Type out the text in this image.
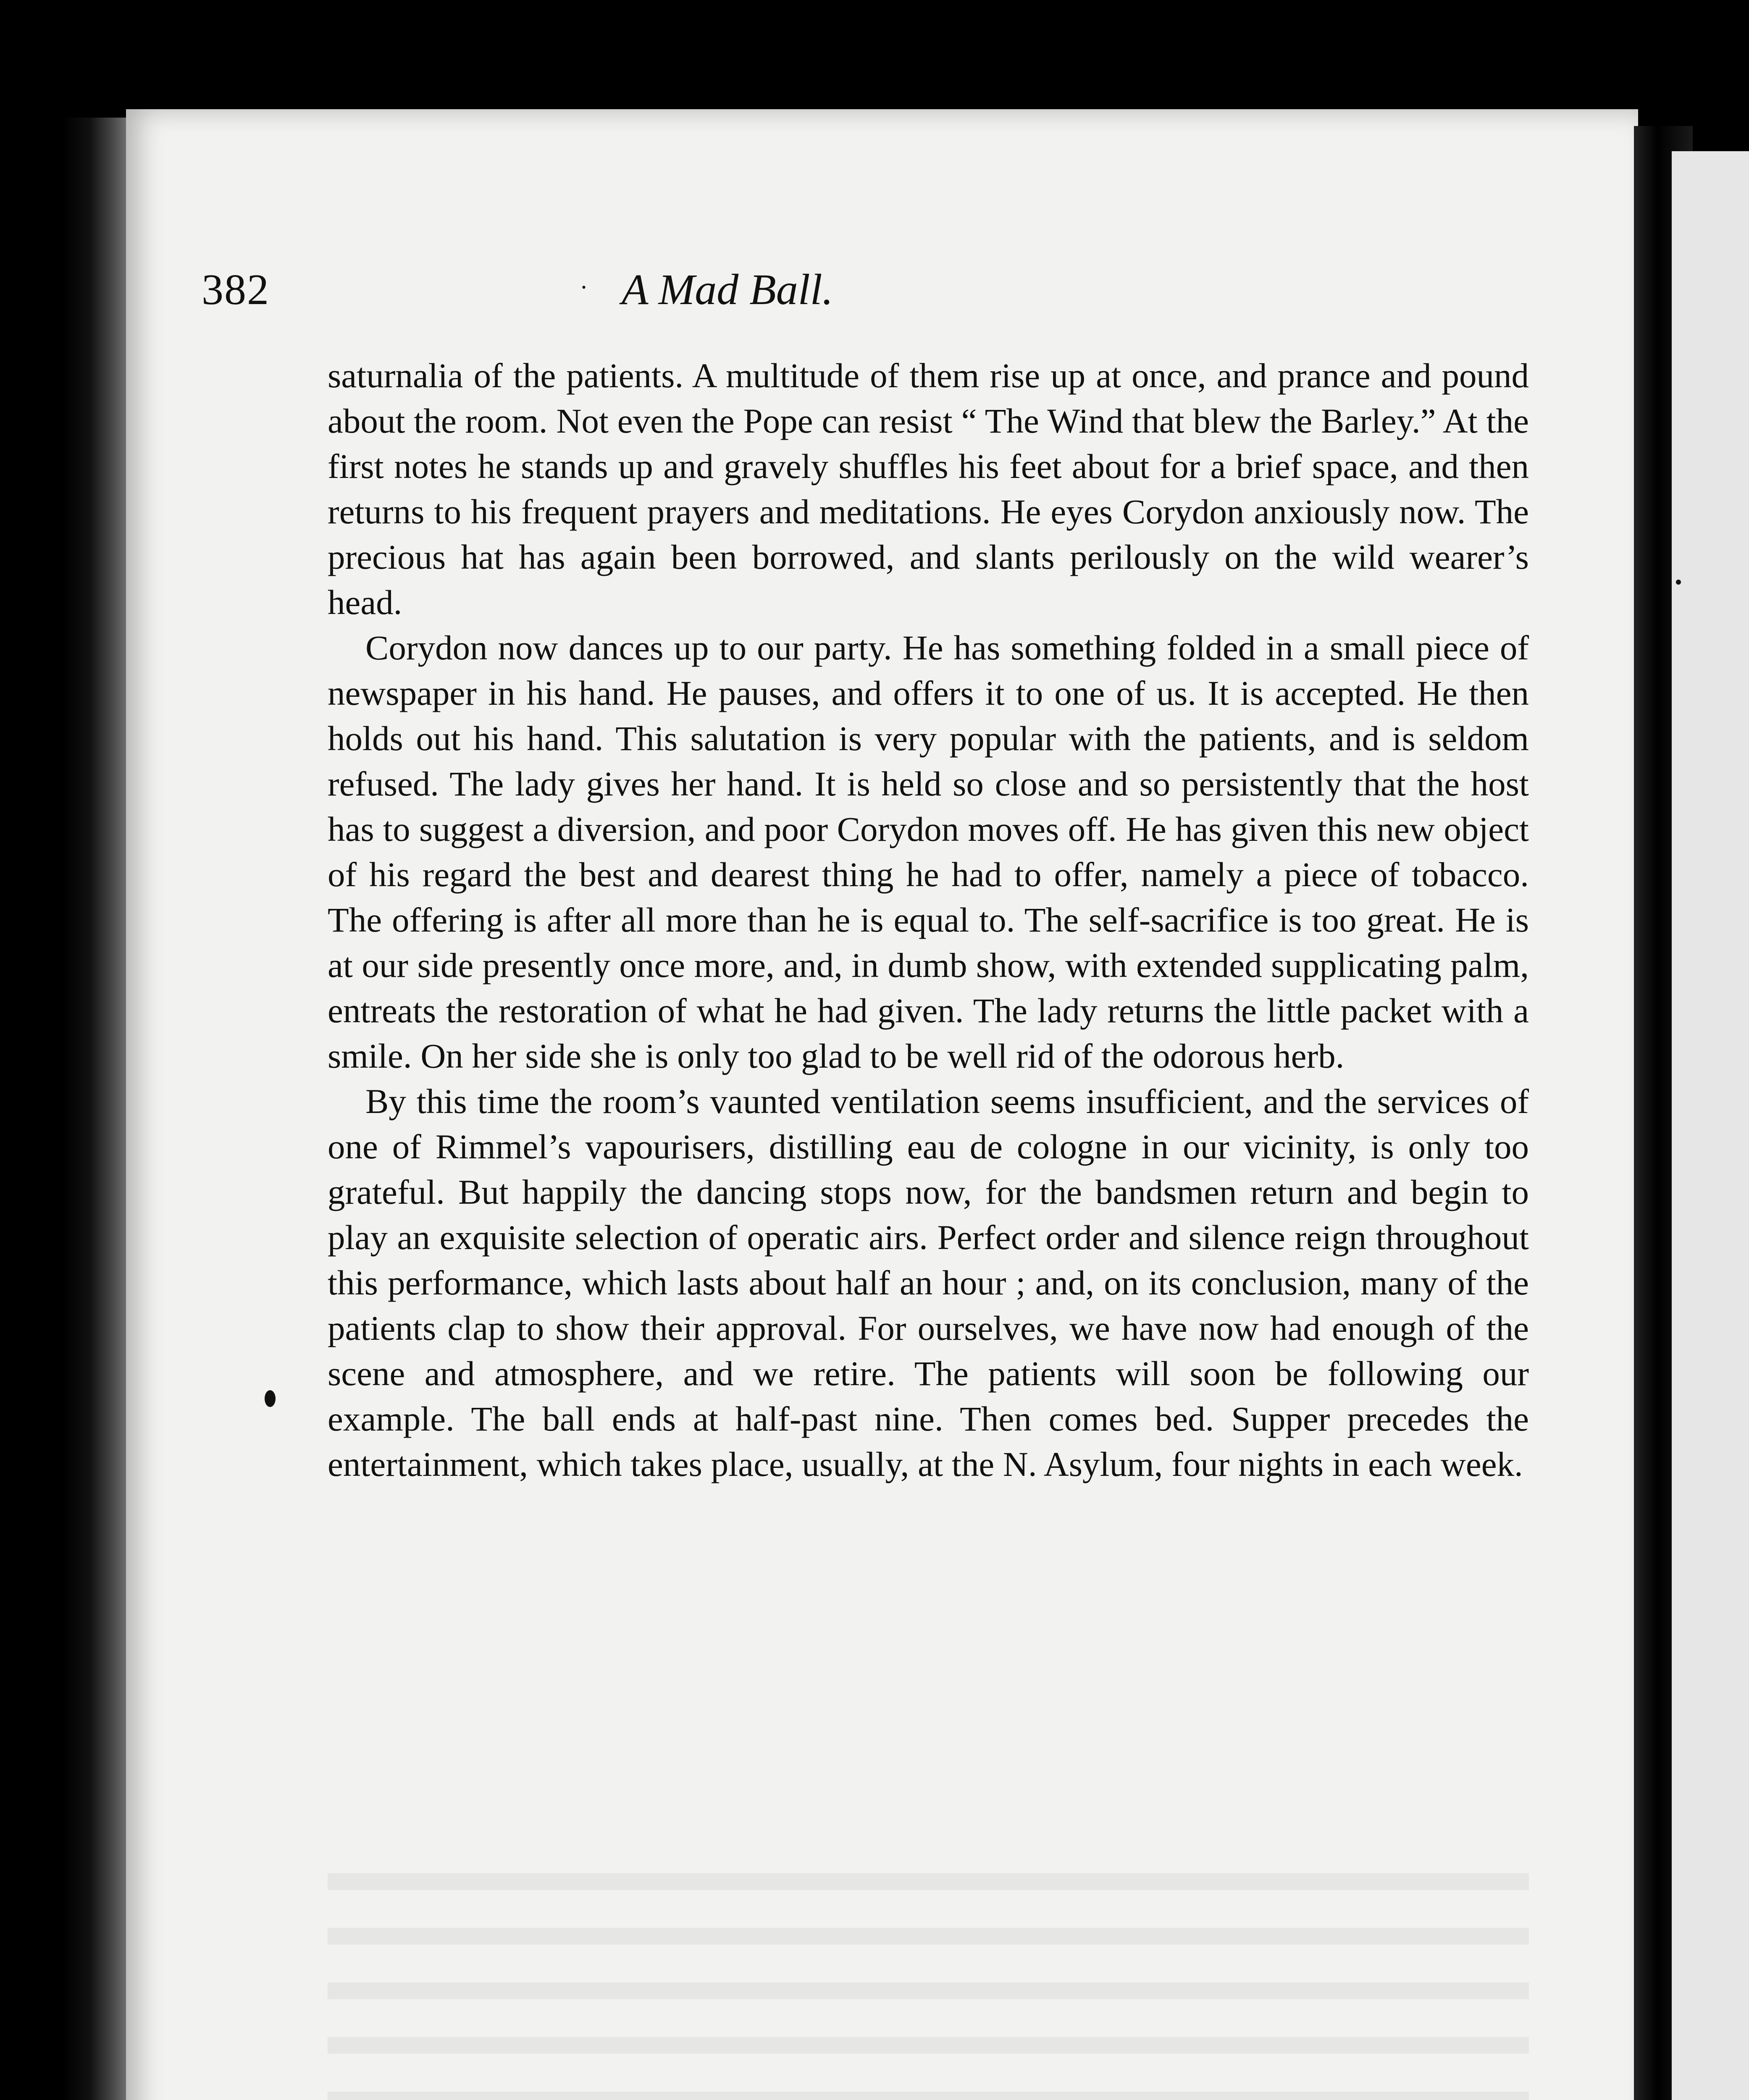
382	· A Mad Ball.

saturnalia of the patients. A multitude of them rise up at once, and prance and pound about the room. Not even the Pope can resist “ The Wind that blew the Barley.” At the first notes he stands up and gravely shuffles his feet about for a brief space, and then returns to his frequent prayers and meditations. He eyes Corydon anxiously now. The precious hat has again been borrowed, and slants perilously on the wild wearer’s head.

Corydon now dances up to our party. He has something folded in a small piece of newspaper in his hand. He pauses, and offers it to one of us. It is accepted. He then holds out his hand. This salutation is very popular with the patients, and is seldom refused. The lady gives her hand. It is held so close and so persistently that the host has to suggest a diversion, and poor Corydon moves off. He has given this new object of his regard the best and dearest thing he had to offer, namely a piece of tobacco. The offering is after all more than he is equal to. The self-sacrifice is too great. He is at our side presently once more, and, in dumb show, with extended supplicating palm, entreats the restoration of what he had given. The lady returns the little packet with a smile. On her side she is only too glad to be well rid of the odorous herb.

By this time the room’s vaunted ventilation seems insufficient, and the services of one of Rimmel’s vapourisers, distilling eau de cologne in our vicinity, is only too grateful. But happily the dancing stops now, for the bandsmen return and begin to play an exquisite selection of operatic airs. Perfect order and silence reign throughout this performance, which lasts about half an hour ; and, on its conclusion, many of the patients clap to show their approval. For ourselves, we have now had enough of the scene and atmosphere, and we retire. The patients will soon be following our example. The ball ends at half-past nine. Then comes bed. Supper precedes the entertainment, which takes place, usually, at the N. Asylum, four nights in each week.
